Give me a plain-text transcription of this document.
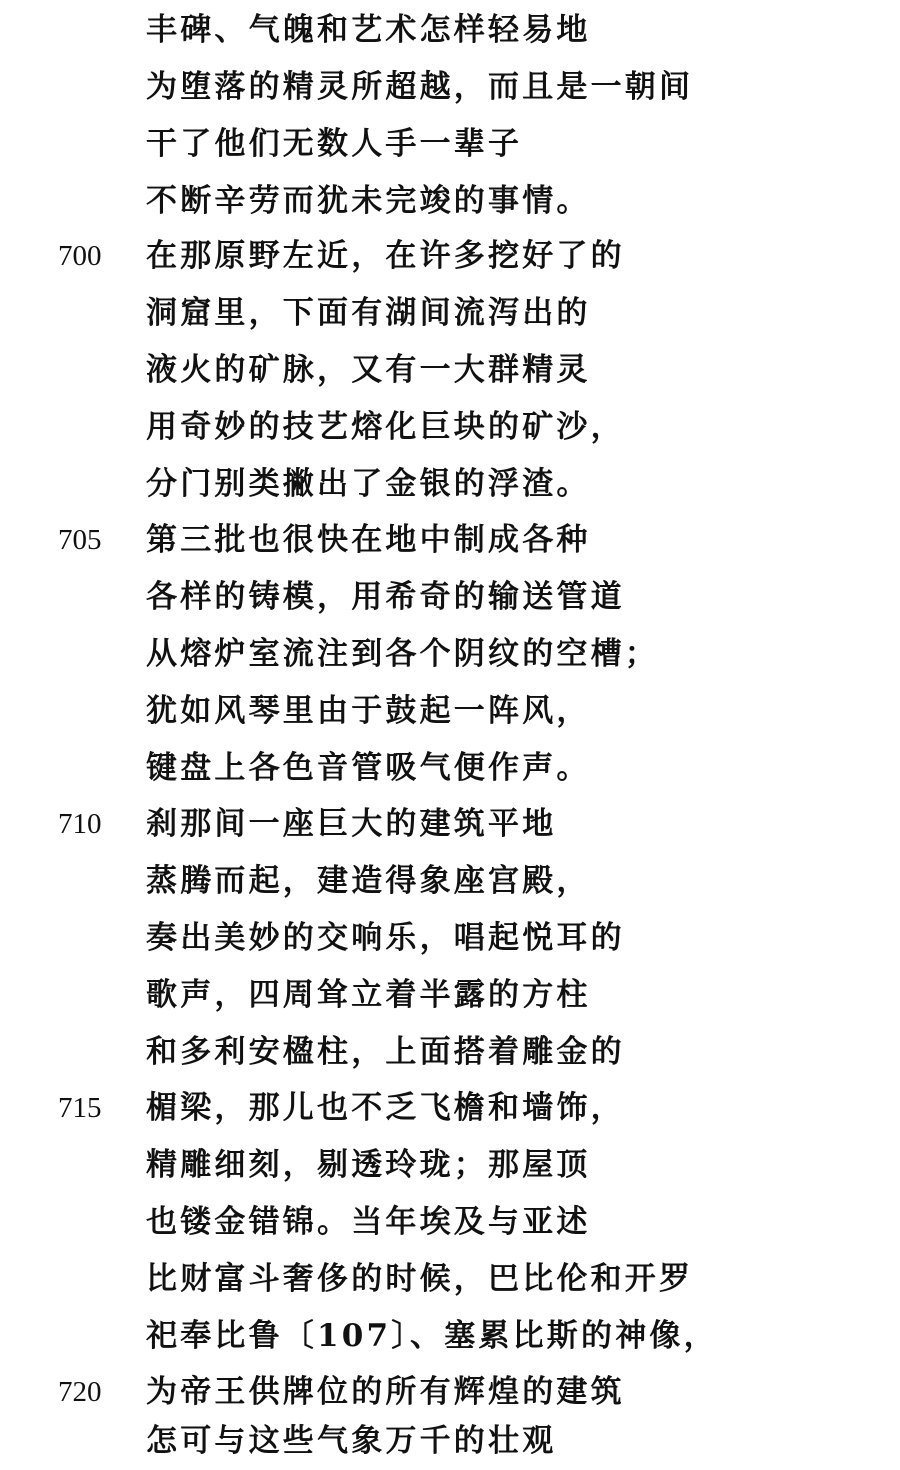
丰碑、气魄和艺术怎样轻易地
为堕落的精灵所超越，而且是一朝间
干了他们无数人手一辈子
不断辛劳而犹未完竣的事情。
700	在那原野左近，在许多挖好了的
洞窟里，下面有湖间流泻出的
液火的矿脉，又有一大群精灵
用奇妙的技艺熔化巨块的矿沙，
分门别类撇出了金银的浮渣。
705	第三批也很快在地中制成各种
各样的铸模，用希奇的输送管道
从熔炉室流注到各个阴纹的空槽；
犹如风琴里由于鼓起一阵风，
键盘上各色音管吸气便作声。
710	刹那间一座巨大的建筑平地
蒸腾而起，建造得象座宫殿，
奏出美妙的交响乐，唱起悦耳的
歌声，四周耸立着半露的方柱
和多利安楹柱，上面搭着雕金的
715	楣梁，那儿也不乏飞檐和墙饰，
精雕细刻，剔透玲珑；那屋顶
也镂金错锦。当年埃及与亚述
比财富斗奢侈的时候，巴比伦和开罗
祀奉比鲁〔107〕、塞累比斯的神像，
720	为帝王供牌位的所有辉煌的建筑
怎可与这些气象万千的壮观
